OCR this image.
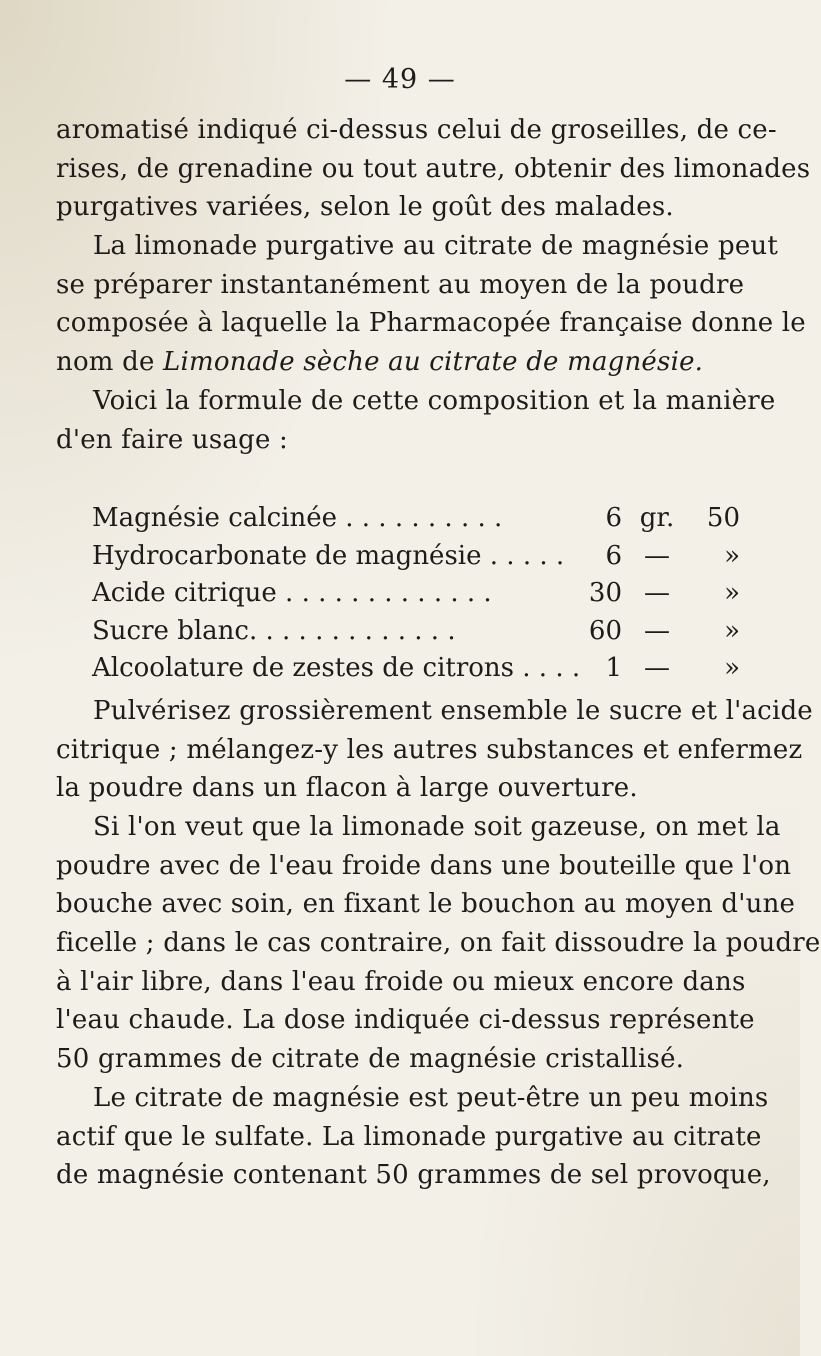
— 49 —

aromatisé indiqué ci-dessus celui de groseilles, de ce-
rises, de grenadine ou tout autre, obtenir des limonades
purgatives variées, selon le goût des malades.

La limonade purgative au citrate de magnésie peut
se préparer instantanément au moyen de la poudre
composée à laquelle la Pharmacopée française donne le
nom de Limonade sèche au citrate de magnésie.

Voici la formule de cette composition et la manière
d'en faire usage :

Magnésie calcinée . . . . . . . . . .	6 gr.	50
Hydrocarbonate de magnésie . . . . .	6 —	»
Acide citrique . . . . . . . . . . . . .	30 —	»
Sucre blanc. . . . . . . . . . . . .	60 —	»
Alcoolature de zestes de citrons . . . . 1 —	»

Pulvérisez grossièrement ensemble le sucre et l'acide
citrique ; mélangez-y les autres substances et enfermez
la poudre dans un flacon à large ouverture.

Si l'on veut que la limonade soit gazeuse, on met la
poudre avec de l'eau froide dans une bouteille que l'on
bouche avec soin, en fixant le bouchon au moyen d'une
ficelle ; dans le cas contraire, on fait dissoudre la poudre
à l'air libre, dans l'eau froide ou mieux encore dans
l'eau chaude. La dose indiquée ci-dessus représente
50 grammes de citrate de magnésie cristallisé.

Le citrate de magnésie est peut-être un peu moins
actif que le sulfate. La limonade purgative au citrate
de magnésie contenant 50 grammes de sel provoque,
